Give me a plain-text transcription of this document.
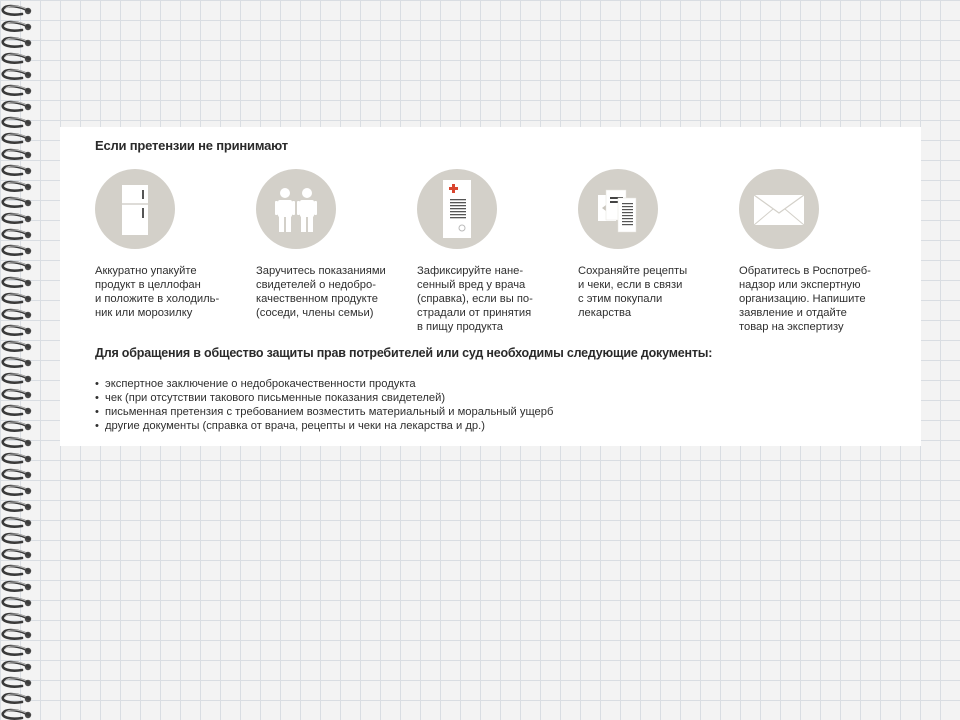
Если претензии не принимают
Аккуратно упакуйте
продукт в целлофан
и положите в холодиль-
ник или морозилку
Заручитесь показаниями
свидетелей о недобро-
качественном продукте
(соседи, члены семьи)
Зафиксируйте нане-
сенный вред у врача
(справка), если вы по-
страдали от принятия
в пищу продукта
Сохраняйте рецепты
и чеки, если в связи
с этим покупали
лекарства
Обратитесь в Роспотреб-
надзор или экспертную
организацию. Напишите
заявление и отдайте
товар на экспертизу
Для обращения в общество защиты прав потребителей или суд необходимы следующие документы:
• экспертное заключение о недоброкачественности продукта
• чек (при отсутствии такового письменные показания свидетелей)
• письменная претензия с требованием возместить материальный и моральный ущерб
• другие документы (справка от врача, рецепты и чеки на лекарства и др.)
